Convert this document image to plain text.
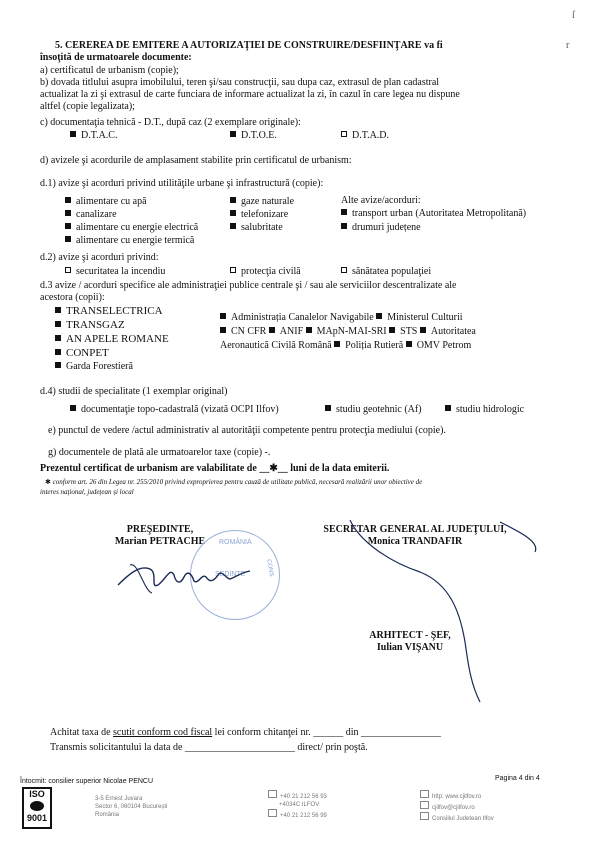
5. CEREREA DE EMITERE A AUTORIZAŢIEI DE CONSTRUIRE/DESFIINŢARE va fi
însoţită de urmatoarele documente:
ſ
r
a) certificatul de urbanism (copie);
b) dovada titlului asupra imobilului, teren şi/sau construcţii, sau dupa caz, extrasul de plan cadastral
actualizat la zi şi extrasul de carte funciara de informare actualizat la zi, în cazul în care legea nu dispune
altfel (copie legalizata);
c) documentaţia tehnică - D.T., după caz (2 exemplare originale):
D.T.A.C.	D.T.O.E.	D.T.A.D.
d) avizele şi acordurile de amplasament stabilite prin certificatul de urbanism:
d.1) avize şi acorduri privind utilităţile urbane şi infrastructură (copie):
alimentare cu apă
canalizare
alimentare cu energie electrică
alimentare cu energie termică
gaze naturale
telefonizare
salubritate
Alte avize/acorduri:
transport urban (Autoritatea Metropolitană)
drumuri județene
d.2) avize şi acorduri privind:
securitatea la incendiu	protecţia civilă	sănătatea populaţiei
d.3 avize / acorduri specifice ale administraţiei publice centrale şi / sau ale serviciilor descentralizate ale
acestora (copii):
TRANSELECTRICA
TRANSGAZ
AN APELE ROMANE
CONPET
Garda Forestieră
Administrația Canalelor Navigabile Ministerul Culturii
CN CFR ANIF MApN-MAI-SRI STS Autoritatea
Aeronautică Civilă Română Poliția Rutieră OMV Petrom
d.4) studii de specialitate (1 exemplar original)
documentaţie topo-cadastrală (vizată OCPI Ilfov)	studiu geotehnic (Af)	studiu hidrologic
e) punctul de vedere /actul administrativ al autorităţii competente pentru protecţia mediului (copie).
g) documentele de plată ale urmatoarelor taxe (copie) -.
Prezentul certificat de urbanism are valabilitate de __✱__ luni de la data emiterii.
✱ conform art. 26 din Legea nr. 255/2010 privind exproprierea pentru cauză de utilitate publică, necesară realizării unor obiective de
interes național, județean și local
PREŞEDINTE,
Marian PETRACHE
SECRETAR GENERAL AL JUDEŢULUI,
Monica TRANDAFIR
ROMÂNIA
ȘEDINTE	CONS
ARHITECT - ŞEF,
Iulian VIŞANU
Achitat taxa de scutit conform cod fiscal lei conform chitanţei nr. ______ din ________________
Transmis solicitantului la data de ______________________ direct/ prin poştă.
Întocmit: consilier superior Nicolae PENCU	Pagina 4 din 4
ISO
9001
3-5 Ernest Juvara
Sector 6, 060104 București
România
+40 21 212 56 93
+4034C ILFOV
+40 21 212 56 99
http: www.cjilfov.ro
cjilfov@cjilfov.ro
Consiliul Judetean Ilfov
